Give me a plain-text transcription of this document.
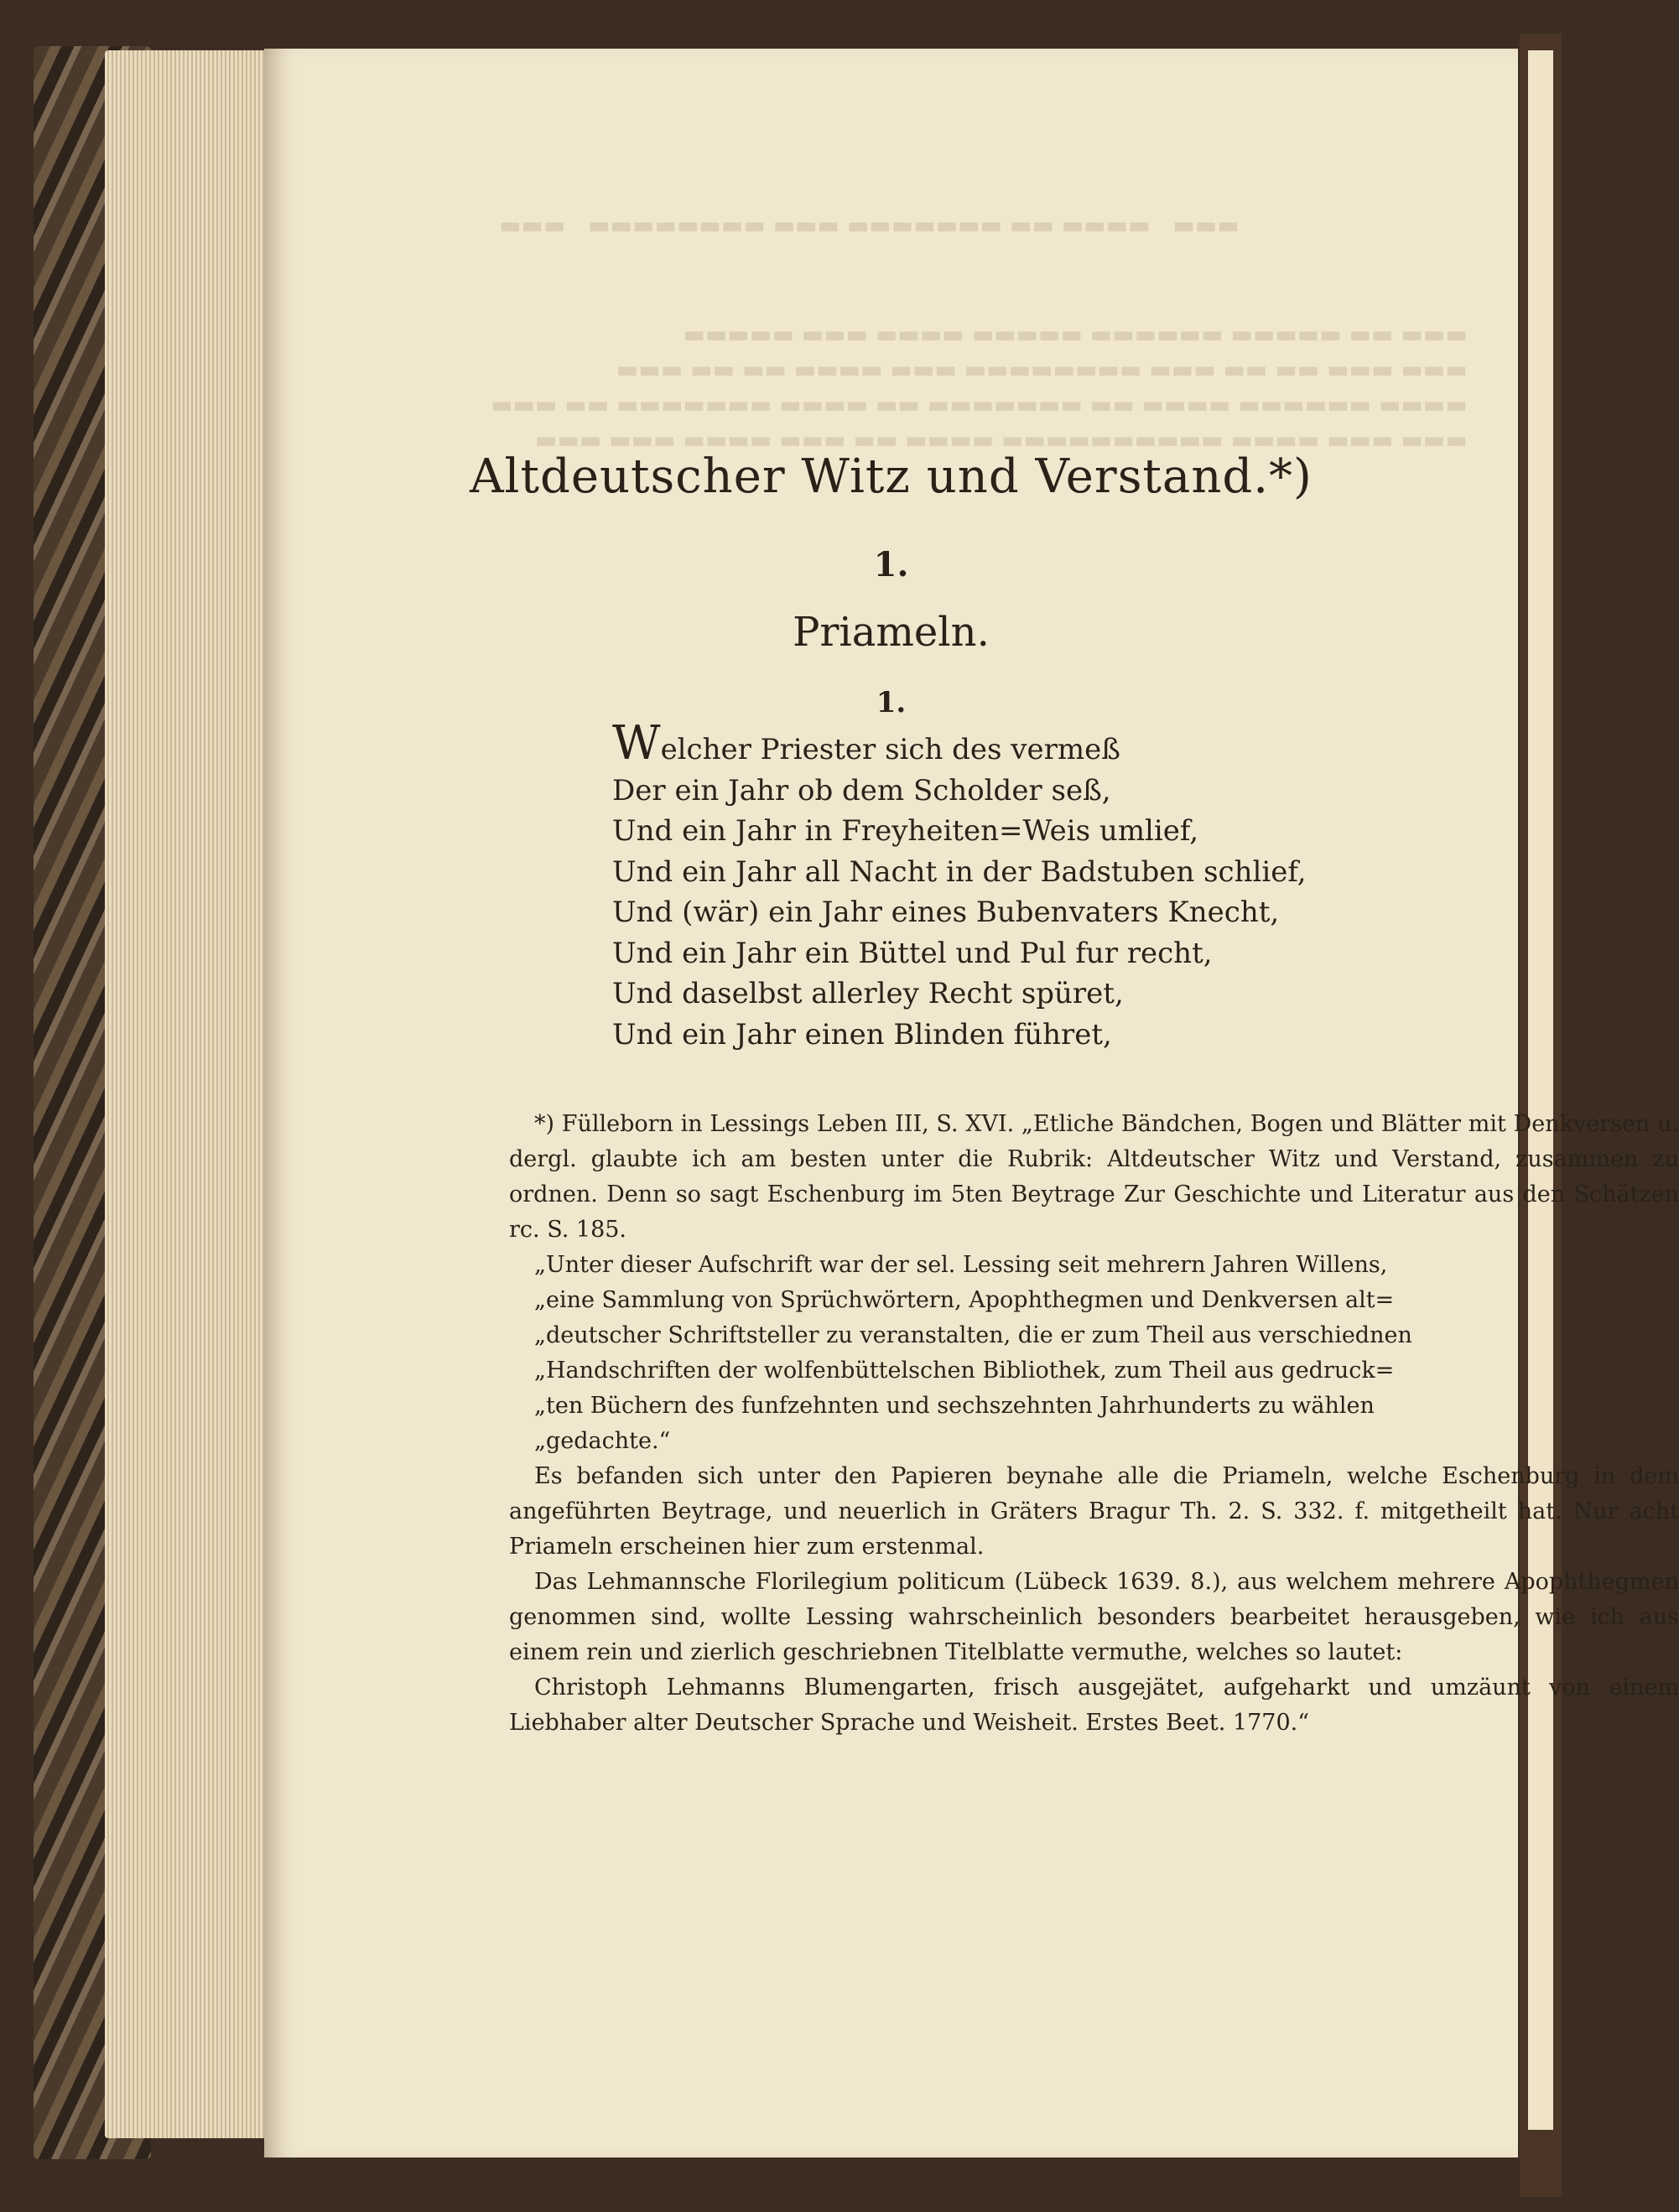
▬▬▬   ▬▬▬▬ ▬▬ ▬▬▬▬▬▬▬ ▬▬▬ ▬▬▬▬▬▬▬▬   ▬▬▬
▬▬▬ ▬▬ ▬▬▬▬▬ ▬▬▬▬▬▬ ▬▬▬▬▬ ▬▬▬▬ ▬▬▬ ▬▬▬▬▬
▬▬▬ ▬▬▬ ▬▬ ▬▬ ▬▬▬ ▬▬▬▬▬▬▬▬ ▬▬▬ ▬▬▬▬ ▬▬ ▬▬ ▬▬▬
▬▬▬▬ ▬▬▬▬▬▬ ▬▬▬▬ ▬▬ ▬▬▬▬▬▬▬ ▬▬ ▬▬▬▬ ▬▬▬▬▬▬▬ ▬▬ ▬▬▬
▬▬▬ ▬▬▬ ▬▬▬▬ ▬▬▬▬▬▬▬▬▬▬ ▬▬▬▬ ▬▬ ▬▬▬ ▬▬▬▬ ▬▬▬ ▬▬▬
Altdeutscher Witz und Verstand.*)
1.
Priameln.
1.
Welcher Priester sich des vermeß
Der ein Jahr ob dem Scholder seß,
Und ein Jahr in Freyheiten=Weis umlief,
Und ein Jahr all Nacht in der Badstuben schlief,
Und (wär) ein Jahr eines Bubenvaters Knecht,
Und ein Jahr ein Büttel und Pul fur recht,
Und daselbst allerley Recht spüret,
Und ein Jahr einen Blinden führet,

*) Fülleborn in Lessings Leben III, S. XVI. „Etliche Bändchen, Bogen und Blätter mit Denkversen u. dergl. glaubte ich am besten unter die Rubrik: Altdeutscher Witz und Verstand, zusammen zu ordnen. Denn so sagt Eschenburg im 5ten Beytrage Zur Geschichte und Literatur aus den Schätzen rc. S. 185.

„Unter dieser Aufschrift war der sel. Lessing seit mehrern Jahren Willens,
„eine Sammlung von Sprüchwörtern, Apophthegmen und Denkversen alt=
„deutscher Schriftsteller zu veranstalten, die er zum Theil aus verschiednen
„Handschriften der wolfenbüttelschen Bibliothek, zum Theil aus gedruck=
„ten Büchern des funfzehnten und sechszehnten Jahrhunderts zu wählen
„gedachte.“

Es befanden sich unter den Papieren beynahe alle die Priameln, welche Eschenburg in dem angeführten Beytrage, und neuerlich in Gräters Bragur Th. 2. S. 332. f. mitgetheilt hat. Nur acht Priameln erscheinen hier zum erstenmal.

Das Lehmannsche Florilegium politicum (Lübeck 1639. 8.), aus welchem mehrere Apophthegmen genommen sind, wollte Lessing wahrscheinlich besonders bearbeitet herausgeben, wie ich aus einem rein und zierlich geschriebnen Titelblatte vermuthe, welches so lautet:

Christoph Lehmanns Blumengarten, frisch ausgejätet, aufgeharkt und umzäunt von einem Liebhaber alter Deutscher Sprache und Weisheit. Erstes Beet. 1770.“
